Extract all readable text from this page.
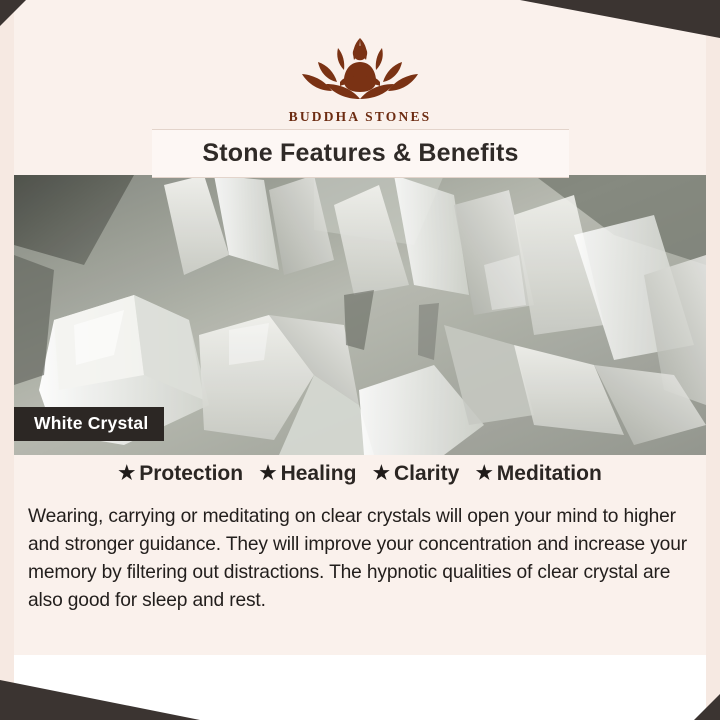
BUDDHA STONES
Stone Features & Benefits
White Crystal
★ Protection ★ Healing ★ Clarity ★ Meditation
Wearing, carrying or meditating on clear crystals will open your mind to higher and stronger guidance. They will improve your concentration and increase your memory by filtering out distractions. The hypnotic qualities of clear crystal are also good for sleep and rest.
